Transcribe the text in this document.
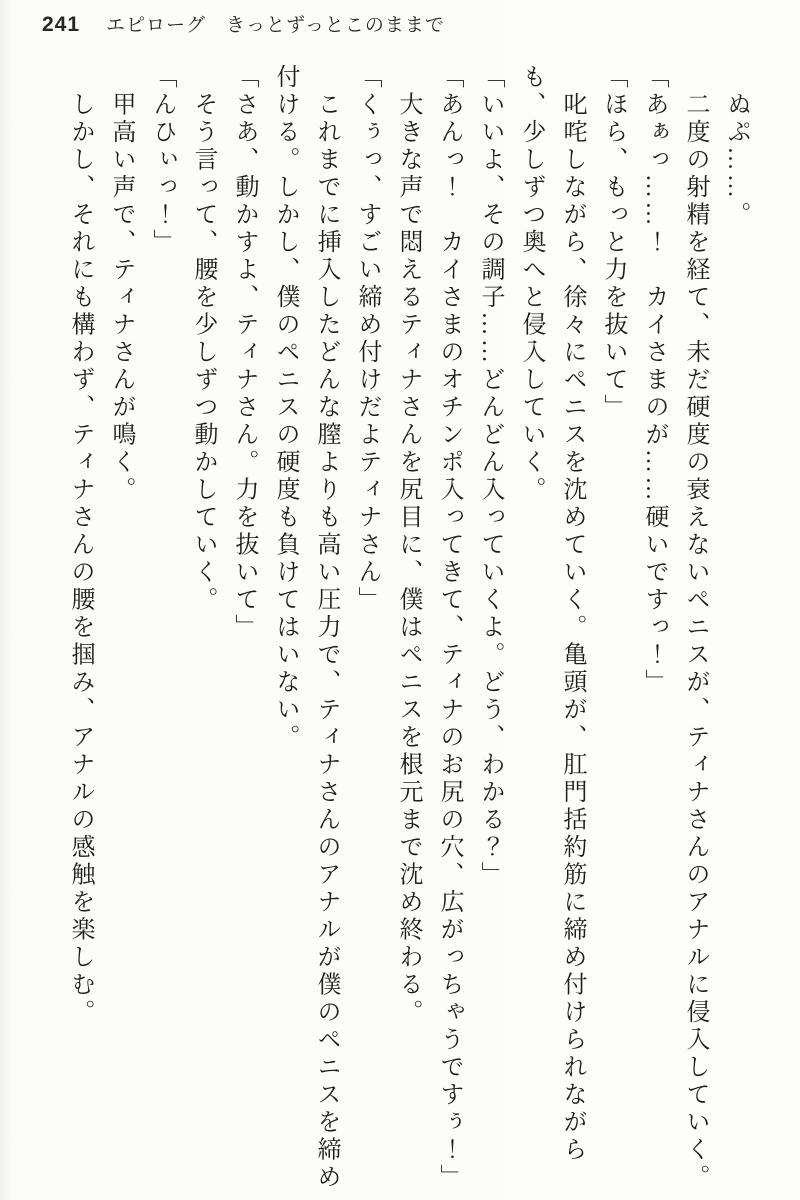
241 エピローグ　きっとずっとこのままで

　ぬぷ……。

　二度の射精を経て、未だ硬度の衰えないペニスが、ティナさんのアナルに侵入していく。

「あぁっ……！　カイさまのが……硬いですっ！」

「ほら、もっと力を抜いて」

　叱咤しながら、徐々にペニスを沈めていく。亀頭が、肛門括約筋に締め付けられながらも、少しずつ奥へと侵入していく。

「いいよ、その調子……どんどん入っていくよ。どう、わかる？」

「あんっ！　カイさまのオチンポ入ってきて、ティナのお尻の穴、広がっちゃうですぅ！」

　大きな声で悶えるティナさんを尻目に、僕はペニスを根元まで沈め終わる。

「くぅっ、すごい締め付けだよティナさん」

　これまでに挿入したどんな膣よりも高い圧力で、ティナさんのアナルが僕のペニスを締め付ける。しかし、僕のペニスの硬度も負けてはいない。

「さあ、動かすよ、ティナさん。力を抜いて」

　そう言って、腰を少しずつ動かしていく。

「んひぃっ！」

　甲高い声で、ティナさんが鳴く。

　しかし、それにも構わず、ティナさんの腰を掴み、アナルの感触を楽しむ。
